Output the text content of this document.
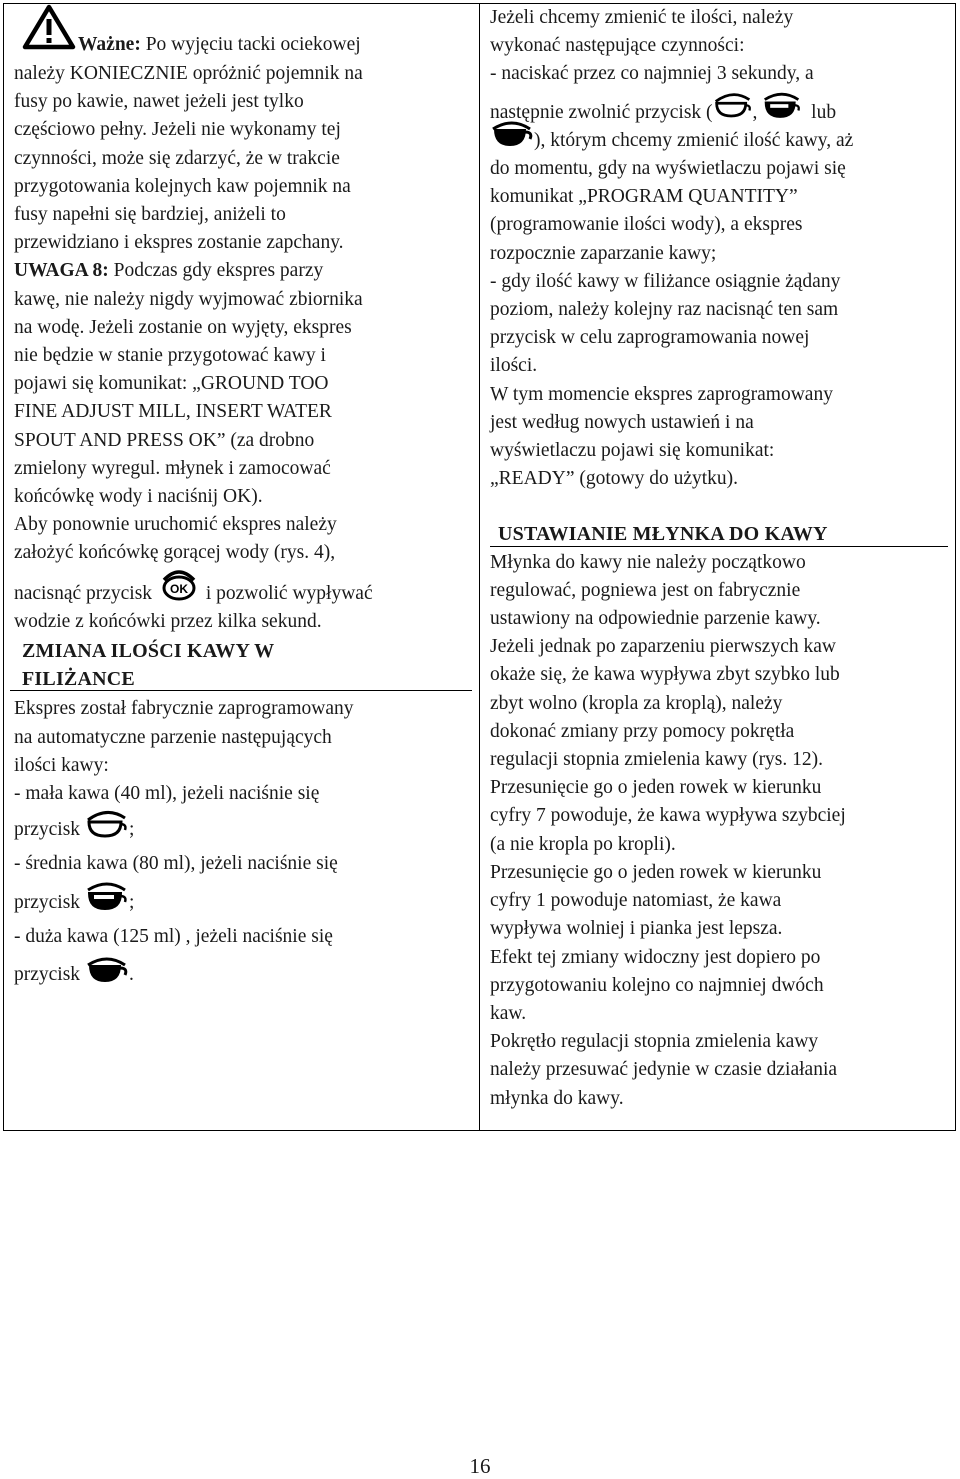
Ważne: Po wyjęciu tacki ociekowej

należy KONIECZNIE opróżnić pojemnik na

fusy po kawie, nawet jeżeli jest tylko

częściowo pełny. Jeżeli nie wykonamy tej

czynności, może się zdarzyć, że w trakcie

przygotowania kolejnych kaw pojemnik na

fusy napełni się bardziej, aniżeli to

przewidziano i ekspres zostanie zapchany.

UWAGA 8: Podczas gdy ekspres parzy

kawę, nie należy nigdy wyjmować zbiornika

na wodę. Jeżeli zostanie on wyjęty, ekspres

nie będzie w stanie przygotować kawy i

pojawi się komunikat: „GROUND TOO

FINE ADJUST MILL, INSERT WATER

SPOUT AND PRESS OK” (za drobno

zmielony wyregul. młynek i zamocować

końcówkę wody i naciśnij OK).

Aby ponownie uruchomić ekspres należy

założyć końcówkę gorącej wody (rys. 4),

nacisnąć przycisk OK i pozwolić wypływać

wodzie z końcówki przez kilka sekund.

ZMIANA ILOŚCI KAWY W

FILIŻANCE

Ekspres został fabrycznie zaprogramowany

na automatyczne parzenie następujących

ilości kawy:

- mała kawa (40 ml), jeżeli naciśnie się

przycisk	;

- średnia kawa (80 ml), jeżeli naciśnie się

przycisk	;

- duża kawa (125 ml) , jeżeli naciśnie się

przycisk	.

Jeżeli chcemy zmienić te ilości, należy

wykonać następujące czynności:

- naciskać przez co najmniej 3 sekundy, a

następnie zwolnić przycisk ( ,	lub

), którym chcemy zmienić ilość kawy, aż

do momentu, gdy na wyświetlaczu pojawi się

komunikat „PROGRAM QUANTITY”

(programowanie ilości wody), a ekspres

rozpocznie zaparzanie kawy;

- gdy ilość kawy w filiżance osiągnie żądany

poziom, należy kolejny raz nacisnąć ten sam

przycisk w celu zaprogramowania nowej

ilości.

W tym momencie ekspres zaprogramowany

jest według nowych ustawień i na

wyświetlaczu pojawi się komunikat:

„READY” (gotowy do użytku).

USTAWIANIE MŁYNKA DO KAWY

Młynka do kawy nie należy początkowo

regulować, pogniewa jest on fabrycznie

ustawiony na odpowiednie parzenie kawy.

Jeżeli jednak po zaparzeniu pierwszych kaw

okaże się, że kawa wypływa zbyt szybko lub

zbyt wolno (kropla za kroplą), należy

dokonać zmiany przy pomocy pokrętła

regulacji stopnia zmielenia kawy (rys. 12).

Przesunięcie go o jeden rowek w kierunku

cyfry 7 powoduje, że kawa wypływa szybciej

(a nie kropla po kropli).

Przesunięcie go o jeden rowek w kierunku

cyfry 1 powoduje natomiast, że kawa

wypływa wolniej i pianka jest lepsza.

Efekt tej zmiany widoczny jest dopiero po

przygotowaniu kolejno co najmniej dwóch

kaw.

Pokrętło regulacji stopnia zmielenia kawy

należy przesuwać jedynie w czasie działania

młynka do kawy.

16
